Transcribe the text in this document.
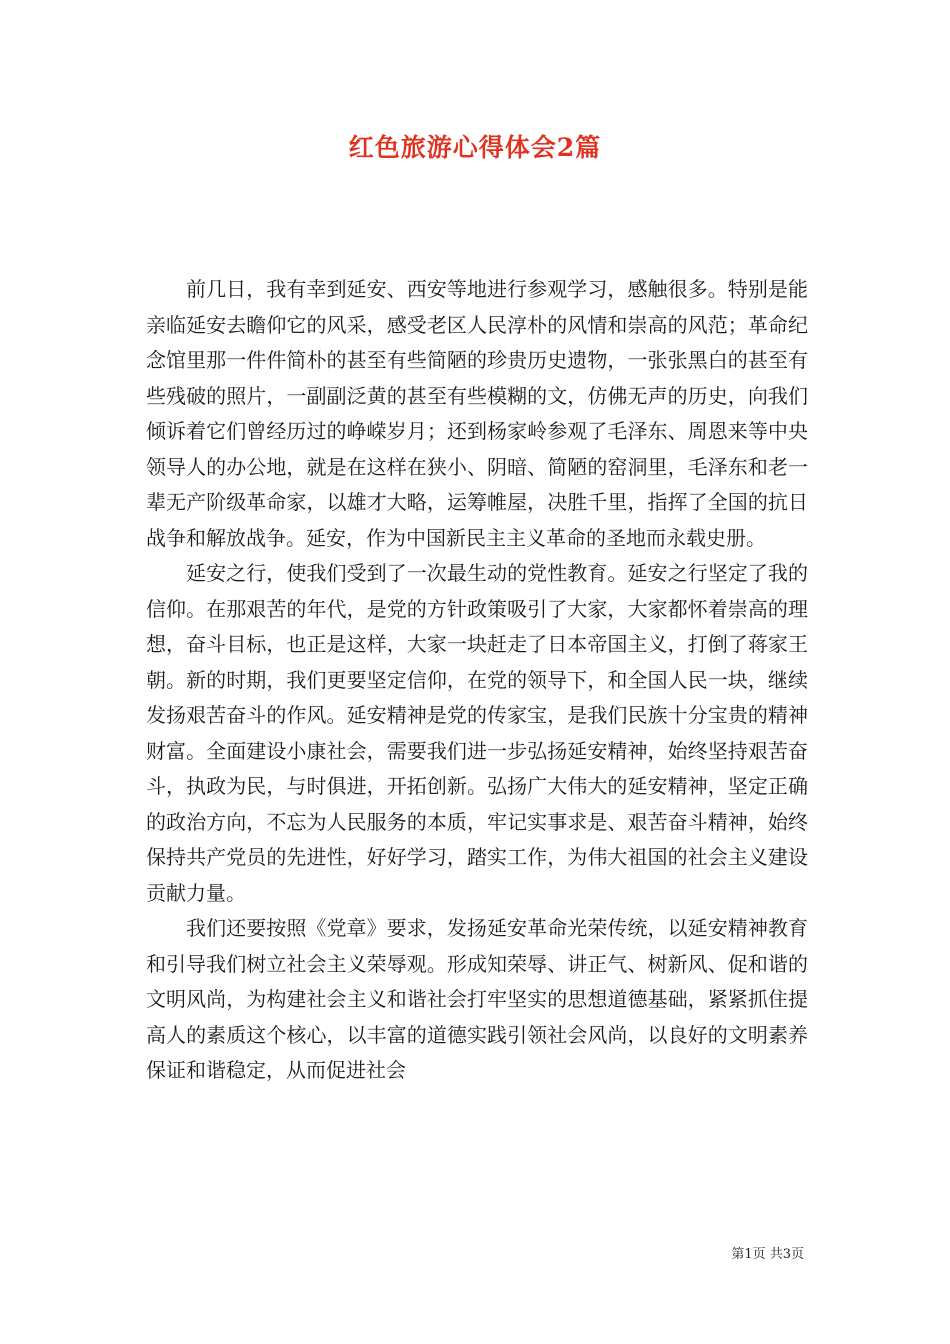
红色旅游心得体会2篇

前几日，我有幸到延安、西安等地进行参观学习，感触很多。特别是能亲临延安去瞻仰它的风采，感受老区人民淳朴的风情和崇高的风范；革命纪念馆里那一件件简朴的甚至有些简陋的珍贵历史遗物，一张张黑白的甚至有些残破的照片，一副副泛黄的甚至有些模糊的文，仿佛无声的历史，向我们倾诉着它们曾经历过的峥嵘岁月；还到杨家岭参观了毛泽东、周恩来等中央领导人的办公地，就是在这样在狭小、阴暗、简陋的窑洞里，毛泽东和老一辈无产阶级革命家，以雄才大略，运筹帷屋，决胜千里，指挥了全国的抗日战争和解放战争。延安，作为中国新民主主义革命的圣地而永载史册。

延安之行，使我们受到了一次最生动的党性教育。延安之行坚定了我的信仰。在那艰苦的年代，是党的方针政策吸引了大家，大家都怀着崇高的理想，奋斗目标，也正是这样，大家一块赶走了日本帝国主义，打倒了蒋家王朝。新的时期，我们更要坚定信仰，在党的领导下，和全国人民一块，继续发扬艰苦奋斗的作风。延安精神是党的传家宝，是我们民族十分宝贵的精神财富。全面建设小康社会，需要我们进一步弘扬延安精神，始终坚持艰苦奋斗，执政为民，与时俱进，开拓创新。弘扬广大伟大的延安精神，坚定正确的政治方向，不忘为人民服务的本质，牢记实事求是、艰苦奋斗精神，始终保持共产党员的先进性，好好学习，踏实工作，为伟大祖国的社会主义建设贡献力量。

我们还要按照《党章》要求，发扬延安革命光荣传统，以延安精神教育和引导我们树立社会主义荣辱观。形成知荣辱、讲正气、树新风、促和谐的文明风尚，为构建社会主义和谐社会打牢坚实的思想道德基础，紧紧抓住提高人的素质这个核心，以丰富的道德实践引领社会风尚，以良好的文明素养保证和谐稳定，从而促进社会

第1页 共3页
